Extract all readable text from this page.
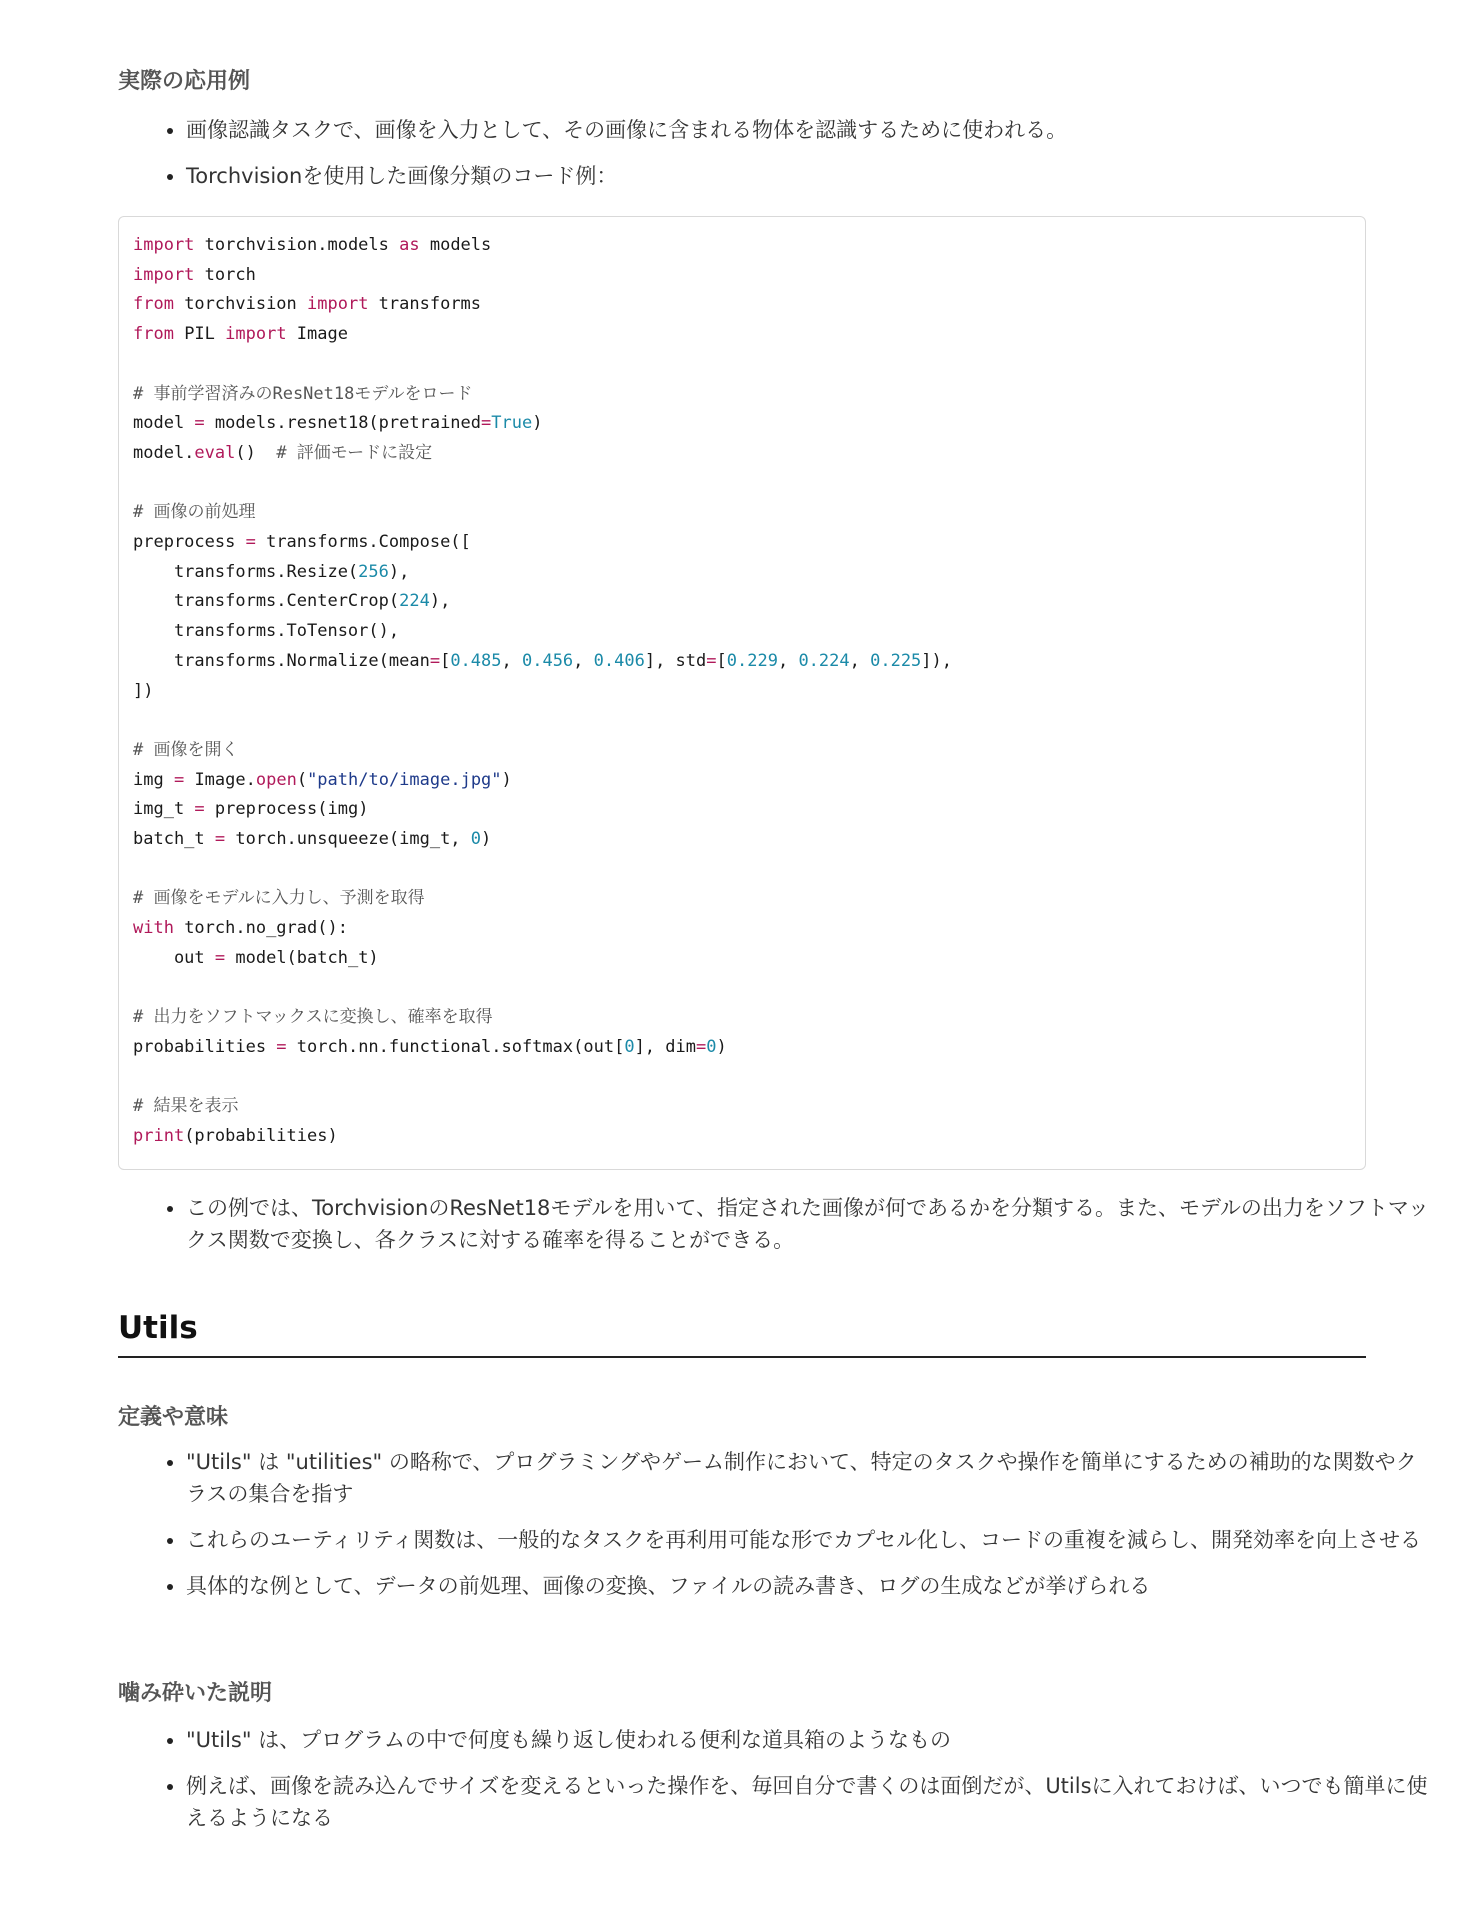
実際の応用例
• 画像認識タスクで、画像を入力として、その画像に含まれる物体を認識するために使われる。
• Torchvisionを使用した画像分類のコード例：
import torchvision.models as models
import torch
from torchvision import transforms
from PIL import Image

# 事前学習済みのResNet18モデルをロード
model = models.resnet18(pretrained=True)
model.eval()  # 評価モードに設定

# 画像の前処理
preprocess = transforms.Compose([
transforms.Resize(256),
transforms.CenterCrop(224),
transforms.ToTensor(),
transforms.Normalize(mean=[0.485, 0.456, 0.406], std=[0.229, 0.224, 0.225]),
])

# 画像を開く
img = Image.open("path/to/image.jpg")
img_t = preprocess(img)
batch_t = torch.unsqueeze(img_t, 0)

# 画像をモデルに入力し、予測を取得
with torch.no_grad():
out = model(batch_t)

# 出力をソフトマックスに変換し、確率を取得
probabilities = torch.nn.functional.softmax(out[0], dim=0)

# 結果を表示
print(probabilities)
• この例では、TorchvisionのResNet18モデルを用いて、指定された画像が何であるかを分類する。また、モデルの出力をソフトマックス関数で変換し、各クラスに対する確率を得ることができる。
Utils
定義や意味
• "Utils" は "utilities" の略称で、プログラミングやゲーム制作において、特定のタスクや操作を簡単にするための補助的な関数やクラスの集合を指す
• これらのユーティリティ関数は、一般的なタスクを再利用可能な形でカプセル化し、コードの重複を減らし、開発効率を向上させる
• 具体的な例として、データの前処理、画像の変換、ファイルの読み書き、ログの生成などが挙げられる
噛み砕いた説明
• "Utils" は、プログラムの中で何度も繰り返し使われる便利な道具箱のようなもの
• 例えば、画像を読み込んでサイズを変えるといった操作を、毎回自分で書くのは面倒だが、Utilsに入れておけば、いつでも簡単に使えるようになる
